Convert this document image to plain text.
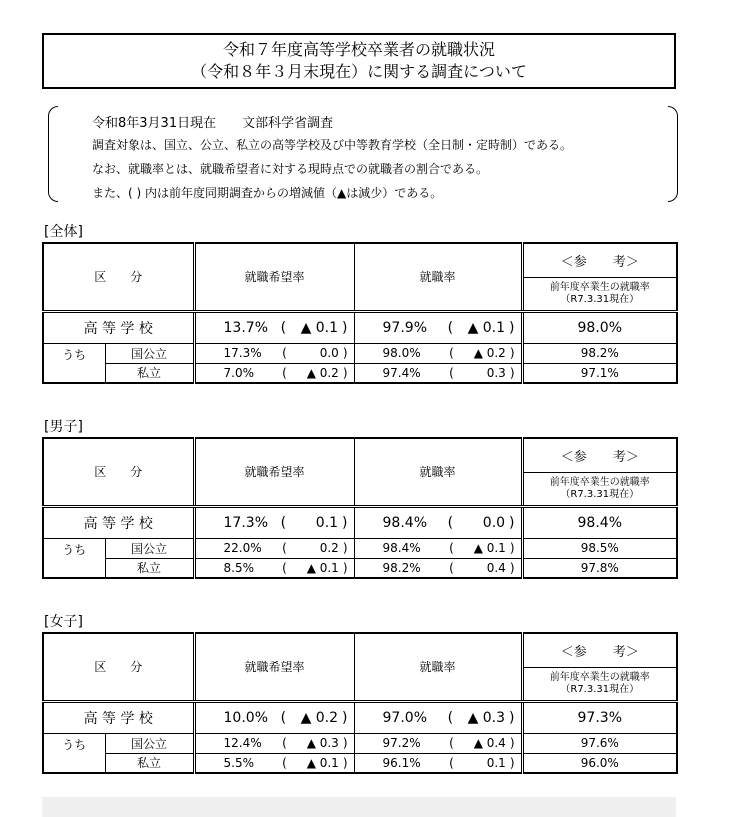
令和７年度高等学校卒業者の就職状況
（令和８年３月末現在）に関する調査について
令和8年3月31日現在　　文部科学省調査
調査対象は、国立、公立、私立の高等学校及び中等教育学校（全日制・定時制）である。
なお、就職率とは、就職希望者に対する現時点での就職者の割合である。
また、( ) 内は前年度同期調査からの増減値（▲は減少）である。
[全体]
区　　分		就職希望率	就職率	＜参　　考＞

				前年度卒業生の就職率
（R7.3.31現在）

高 等 学 校		13.7% ( ▲ 0.1 )	97.9% ( ▲ 0.1 )	98.0%
うち	国公立	17.3% ( 0.0 )	98.0% ( ▲ 0.2 )	98.2%
	私立	7.0% ( ▲ 0.2 )	97.4% ( 0.3 )	97.1%
[男子]
区　　分		就職希望率	就職率	＜参　　考＞

				前年度卒業生の就職率
（R7.3.31現在）

高 等 学 校		17.3% ( 0.1 )	98.4% ( 0.0 )	98.4%
うち	国公立	22.0% ( 0.2 )	98.4% ( ▲ 0.1 )	98.5%
	私立	8.5% ( ▲ 0.1 )	98.2% ( 0.4 )	97.8%
[女子]
区　　分		就職希望率	就職率	＜参　　考＞

				前年度卒業生の就職率
（R7.3.31現在）

高 等 学 校		10.0% ( ▲ 0.2 )	97.0% ( ▲ 0.3 )	97.3%
うち	国公立	12.4% ( ▲ 0.3 )	97.2% ( ▲ 0.4 )	97.6%
	私立	5.5% ( ▲ 0.1 )	96.1% ( 0.1 )	96.0%
